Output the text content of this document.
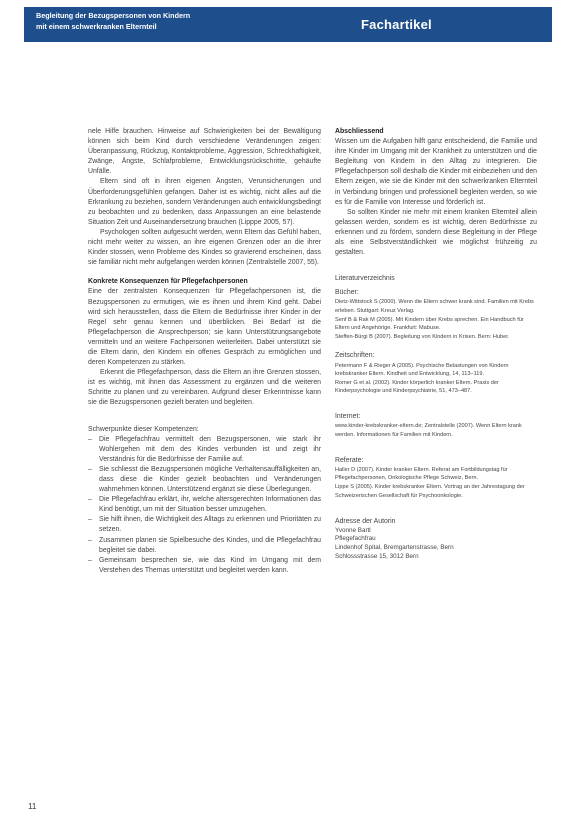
Begleitung der Bezugspersonen von Kindern
mit einem schwerkranken Elternteil	Fachartikel

nele Hilfe brauchen. Hinweise auf Schwierigkeiten bei der Bewältigung können sich beim Kind durch verschiedene Veränderungen zeigen: Überanpassung, Rückzug, Kontaktprobleme, Aggression, Schreckhaftigkeit, Zwänge, Ängste, Schlafprobleme, Entwicklungsrückschritte, gehäufte Unfälle.

Eltern sind oft in ihren eigenen Ängsten, Verunsicherungen und Überforderungsgefühlen gefangen. Daher ist es wichtig, nicht alles auf die Erkrankung zu beziehen, sondern Veränderungen auch entwicklungsbedingt zu beobachten und zu bedenken, dass Anpassungen an eine belastende Situation Zeit und Auseinandersetzung brauchen (Lipppe 2005, 57).

Psychologen sollten aufgesucht werden, wenn Eltern das Gefühl haben, nicht mehr weiter zu wissen, an ihre eigenen Grenzen oder an die ihrer Kinder stossen, wenn Probleme des Kindes so gravierend erscheinen, dass sie familiär nicht mehr aufgefangen werden können (Zentralstelle 2007, 55).

Konkrete Konsequenzen für Pflegefachpersonen

Eine der zentralsten Konsequenzen für Pflegefachpersonen ist, die Bezugspersonen zu ermutigen, wie es ihnen und ihrem Kind geht. Dabei wird sich herausstellen, dass die Eltern die Bedürfnisse ihrer Kinder in der Regel sehr genau kennen und überblicken. Bei Bedarf ist die Pflegefachperson die Ansprechperson; sie kann Unterstützungsangebote vermitteln und an weitere Fachpersonen weiterleiten. Dabei unterstützt sie die Eltern darin, den Kindern ein offenes Gespräch zu ermöglichen und deren Kompetenzen zu stärken.

Erkennt die Pflegefachperson, dass die Eltern an ihre Grenzen stossen, ist es wichtig, mit ihnen das Assessment zu ergänzen und die weiteren Schritte zu planen und zu vereinbaren. Aufgrund dieser Erkenntnisse kann sie die Bezugspersonen gezielt beraten und begleiten.

Schwerpunkte dieser Kompetenzen:

– Die Pflegefachfrau vermittelt den Bezugspersonen, wie stark ihr Wohlergehen mit dem des Kindes verbunden ist und zeigt ihr Verständnis für die Bedürfnisse der Familie auf.
– Sie schliesst die Bezugspersonen mögliche Verhaltensauffälligkeiten an, dass diese die Kinder gezielt beobachten und Veränderungen wahrnehmen können. Unterstützend ergänzt sie diese Überlegungen.
– Die Pflegefachfrau erklärt, ihr, welche altersgerechten Informationen das Kind benötigt, um mit der Situation besser umzugehen.
– Sie hilft ihnen, die Wichtigkeit des Alltags zu erkennen und Prioritäten zu setzen.
– Zusammen planen sie Spielbesuche des Kindes, und die Pflegefachfrau begleitet sie dabei.
– Gemeinsam besprechen sie, wie das Kind im Umgang mit dem Verstehen des Themas unterstützt und begleitet werden kann.

Abschliessend

Wissen um die Aufgaben hilft ganz entscheidend, die Familie und ihre Kinder im Umgang mit der Krankheit zu unterstützen und die Begleitung von Kindern in den Alltag zu integrieren. Die Pflegefachperson soll deshalb die Kinder mit einbeziehen und den Eltern zeigen, wie sie die Kinder mit den schwerkranken Elternteil in Verbindung bringen und professionell begleiten werden, so wie es für die Familie von Interesse und förderlich ist.

So sollten Kinder nie mehr mit einem kranken Elternteil allein gelassen werden, sondern es ist wichtig, deren Bedürfnisse zu erkennen und zu fördern, sondern diese Begleitung in der Pflege als eine Selbstverständlichkeit wie möglichst frühzeitig zu gestalten.

Literaturverzeichnis

Bücher:

Dietz-Wittstock S (2000). Wenn die Eltern schwer krank sind. Familien mit Krebs erleben. Stuttgart: Kreuz Verlag.
Senf B & Rak M (2005). Mit Kindern über Krebs sprechen. Ein Handbuch für Eltern und Angehörige. Frankfurt: Mabuse.
Steffen-Bürgi B (2007). Begleitung von Kindern in Krisen. Bern: Huber.

Zeitschriften:

Petermann F & Rieger A (2005). Psychische Belastungen von Kindern krebskranker Eltern. Kindheit und Entwicklung, 14, 113–119.
Romer G et al. (2002). Kinder körperlich kranker Eltern. Praxis der Kinderpsychologie und Kinderpsychiatrie, 51, 473–487.

Internet:

www.kinder-krebskranker-eltern.de; Zentralstelle (2007). Wenn Eltern krank werden. Informationen für Familien mit Kindern.

Referate:

Haller D (2007). Kinder kranker Eltern. Referat am Fortbildungstag für Pflegefachpersonen, Onkologische Pflege Schweiz, Bern.
Lippe S (2005). Kinder krebskranker Eltern. Vortrag an der Jahrestagung der Schweizerischen Gesellschaft für Psychoonkologie.

Adresse der Autorin

Yvonne Bartl

Pflegefachfrau

Lindenhof Spital, Bremgartenstrasse, Bern

Schlossstrasse 15, 3012 Bern

11
